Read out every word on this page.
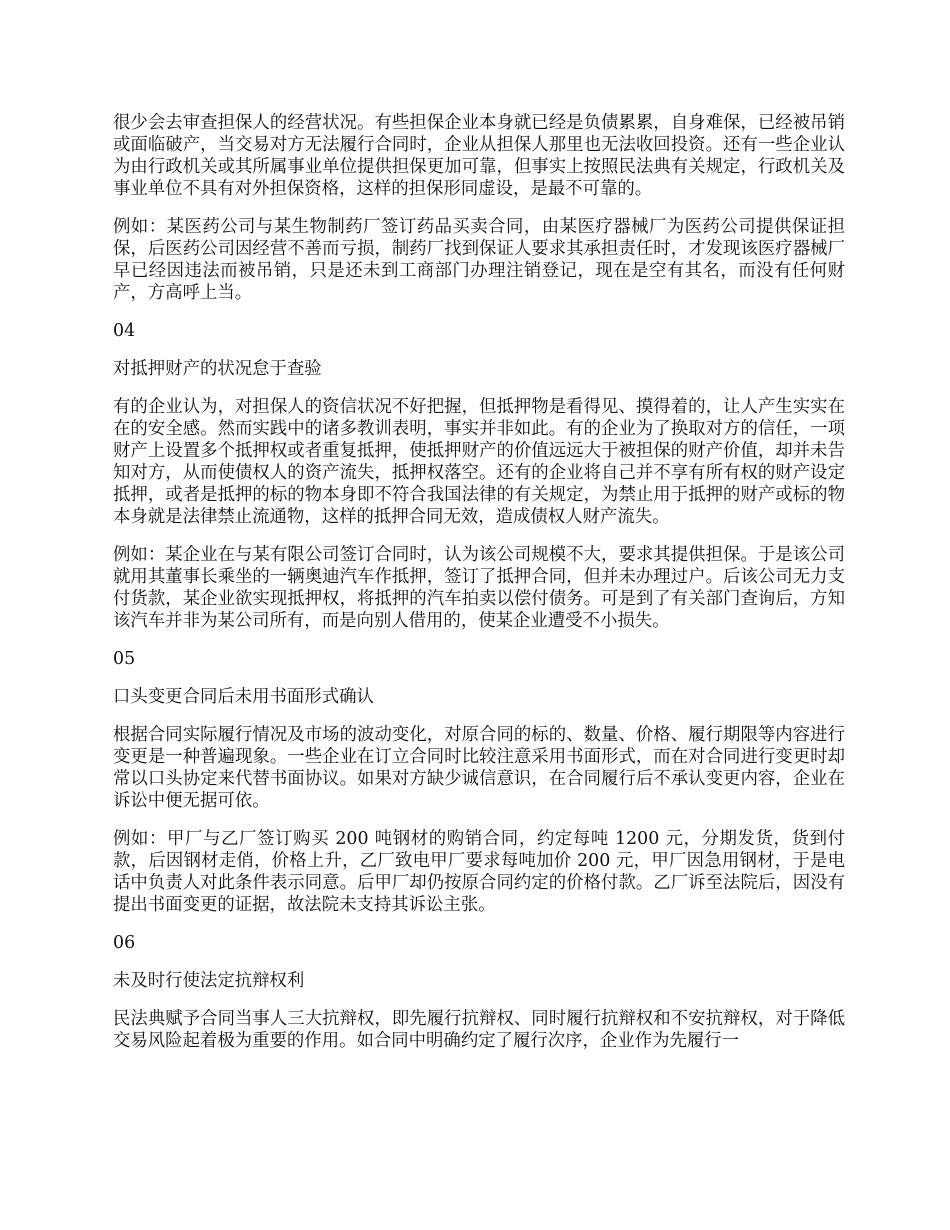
很少会去审查担保人的经营状况。有些担保企业本身就已经是负债累累，自身难保，已经被吊销或面临破产，当交易对方无法履行合同时，企业从担保人那里也无法收回投资。还有一些企业认为由行政机关或其所属事业单位提供担保更加可靠，但事实上按照民法典有关规定，行政机关及事业单位不具有对外担保资格，这样的担保形同虚设，是最不可靠的。

例如：某医药公司与某生物制药厂签订药品买卖合同，由某医疗器械厂为医药公司提供保证担保，后医药公司因经营不善而亏损，制药厂找到保证人要求其承担责任时，才发现该医疗器械厂早已经因违法而被吊销，只是还未到工商部门办理注销登记，现在是空有其名，而没有任何财产，方高呼上当。

04

对抵押财产的状况怠于查验

有的企业认为，对担保人的资信状况不好把握，但抵押物是看得见、摸得着的，让人产生实实在在的安全感。然而实践中的诸多教训表明，事实并非如此。有的企业为了换取对方的信任，一项财产上设置多个抵押权或者重复抵押，使抵押财产的价值远远大于被担保的财产价值，却并未告知对方，从而使债权人的资产流失，抵押权落空。还有的企业将自己并不享有所有权的财产设定抵押，或者是抵押的标的物本身即不符合我国法律的有关规定，为禁止用于抵押的财产或标的物本身就是法律禁止流通物，这样的抵押合同无效，造成债权人财产流失。

例如：某企业在与某有限公司签订合同时，认为该公司规模不大，要求其提供担保。于是该公司就用其董事长乘坐的一辆奥迪汽车作抵押，签订了抵押合同，但并未办理过户。后该公司无力支付货款，某企业欲实现抵押权，将抵押的汽车拍卖以偿付债务。可是到了有关部门查询后，方知该汽车并非为某公司所有，而是向别人借用的，使某企业遭受不小损失。

05

口头变更合同后未用书面形式确认

根据合同实际履行情况及市场的波动变化，对原合同的标的、数量、价格、履行期限等内容进行变更是一种普遍现象。一些企业在订立合同时比较注意采用书面形式，而在对合同进行变更时却常以口头协定来代替书面协议。如果对方缺少诚信意识，在合同履行后不承认变更内容，企业在诉讼中便无据可依。

例如：甲厂与乙厂签订购买 200 吨钢材的购销合同，约定每吨 1200 元，分期发货，货到付款，后因钢材走俏，价格上升，乙厂致电甲厂要求每吨加价 200 元，甲厂因急用钢材，于是电话中负责人对此条件表示同意。后甲厂却仍按原合同约定的价格付款。乙厂诉至法院后，因没有提出书面变更的证据，故法院未支持其诉讼主张。

06

未及时行使法定抗辩权利

民法典赋予合同当事人三大抗辩权，即先履行抗辩权、同时履行抗辩权和不安抗辩权，对于降低交易风险起着极为重要的作用。如合同中明确约定了履行次序，企业作为先履行一
